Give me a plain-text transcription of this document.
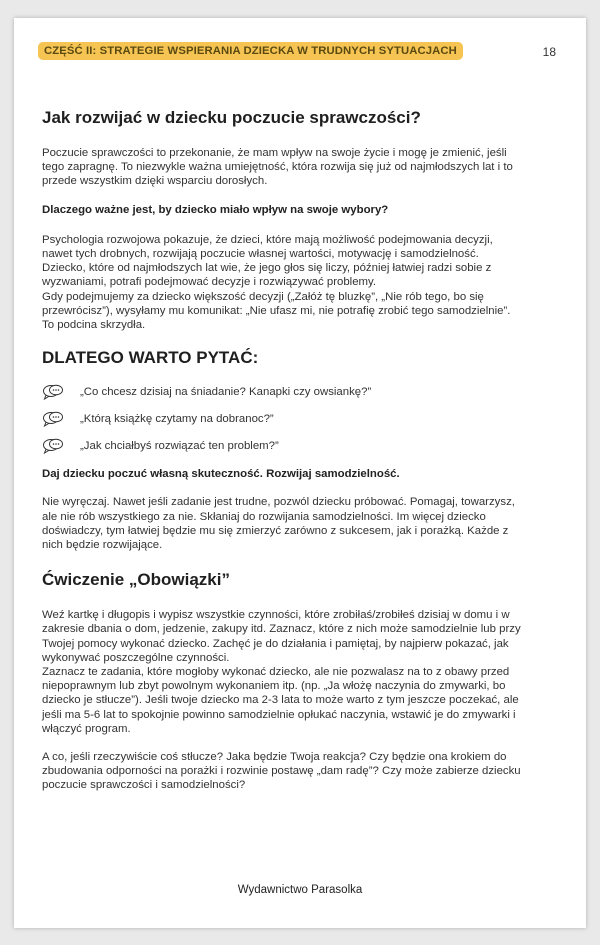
CZĘŚĆ II: STRATEGIE WSPIERANIA DZIECKA W TRUDNYCH SYTUACJACH	18
Jak rozwijać w dziecku poczucie sprawczości?

Poczucie sprawczości to przekonanie, że mam wpływ na swoje życie i mogę je zmienić, jeśli
tego zapragnę. To niezwykle ważna umiejętność, która rozwija się już od najmłodszych lat i to
przede wszystkim dzięki wsparciu dorosłych.

Dlaczego ważne jest, by dziecko miało wpływ na swoje wybory?

Psychologia rozwojowa pokazuje, że dzieci, które mają możliwość podejmowania decyzji,
nawet tych drobnych, rozwijają poczucie własnej wartości, motywację i samodzielność.
Dziecko, które od najmłodszych lat wie, że jego głos się liczy, później łatwiej radzi sobie z
wyzwaniami, potrafi podejmować decyzje i rozwiązywać problemy.
Gdy podejmujemy za dziecko większość decyzji („Załóż tę bluzkę”, „Nie rób tego, bo się
przewrócisz”), wysyłamy mu komunikat: „Nie ufasz mi, nie potrafię zrobić tego samodzielnie”.
To podcina skrzydła.

DLATEGO WARTO PYTAĆ:
„Co chcesz dzisiaj na śniadanie? Kanapki czy owsiankę?”
„Którą książkę czytamy na dobranoc?”
„Jak chciałbyś rozwiązać ten problem?”

Daj dziecku poczuć własną skuteczność. Rozwijaj samodzielność.

Nie wyręczaj. Nawet jeśli zadanie jest trudne, pozwól dziecku próbować. Pomagaj, towarzysz,
ale nie rób wszystkiego za nie. Skłaniaj do rozwijania samodzielności. Im więcej dziecko
doświadczy, tym łatwiej będzie mu się zmierzyć zarówno z sukcesem, jak i porażką. Każde z
nich będzie rozwijające.

Ćwiczenie „Obowiązki”

Weź kartkę i długopis i wypisz wszystkie czynności, które zrobiłaś/zrobiłeś dzisiaj w domu i w
zakresie dbania o dom, jedzenie, zakupy itd. Zaznacz, które z nich może samodzielnie lub przy
Twojej pomocy wykonać dziecko. Zachęć je do działania i pamiętaj, by najpierw pokazać, jak
wykonywać poszczególne czynności.
Zaznacz te zadania, które mogłoby wykonać dziecko, ale nie pozwalasz na to z obawy przed
niepoprawnym lub zbyt powolnym wykonaniem itp. (np. „Ja włożę naczynia do zmywarki, bo
dziecko je stłucze”). Jeśli twoje dziecko ma 2-3 lata to może warto z tym jeszcze poczekać, ale
jeśli ma 5-6 lat to spokojnie powinno samodzielnie opłukać naczynia, wstawić je do zmywarki i
włączyć program.

A co, jeśli rzeczywiście coś stłucze? Jaka będzie Twoja reakcja? Czy będzie ona krokiem do
zbudowania odporności na porażki i rozwinie postawę „dam radę”? Czy może zabierze dziecku
poczucie sprawczości i samodzielności?

Wydawnictwo Parasolka
